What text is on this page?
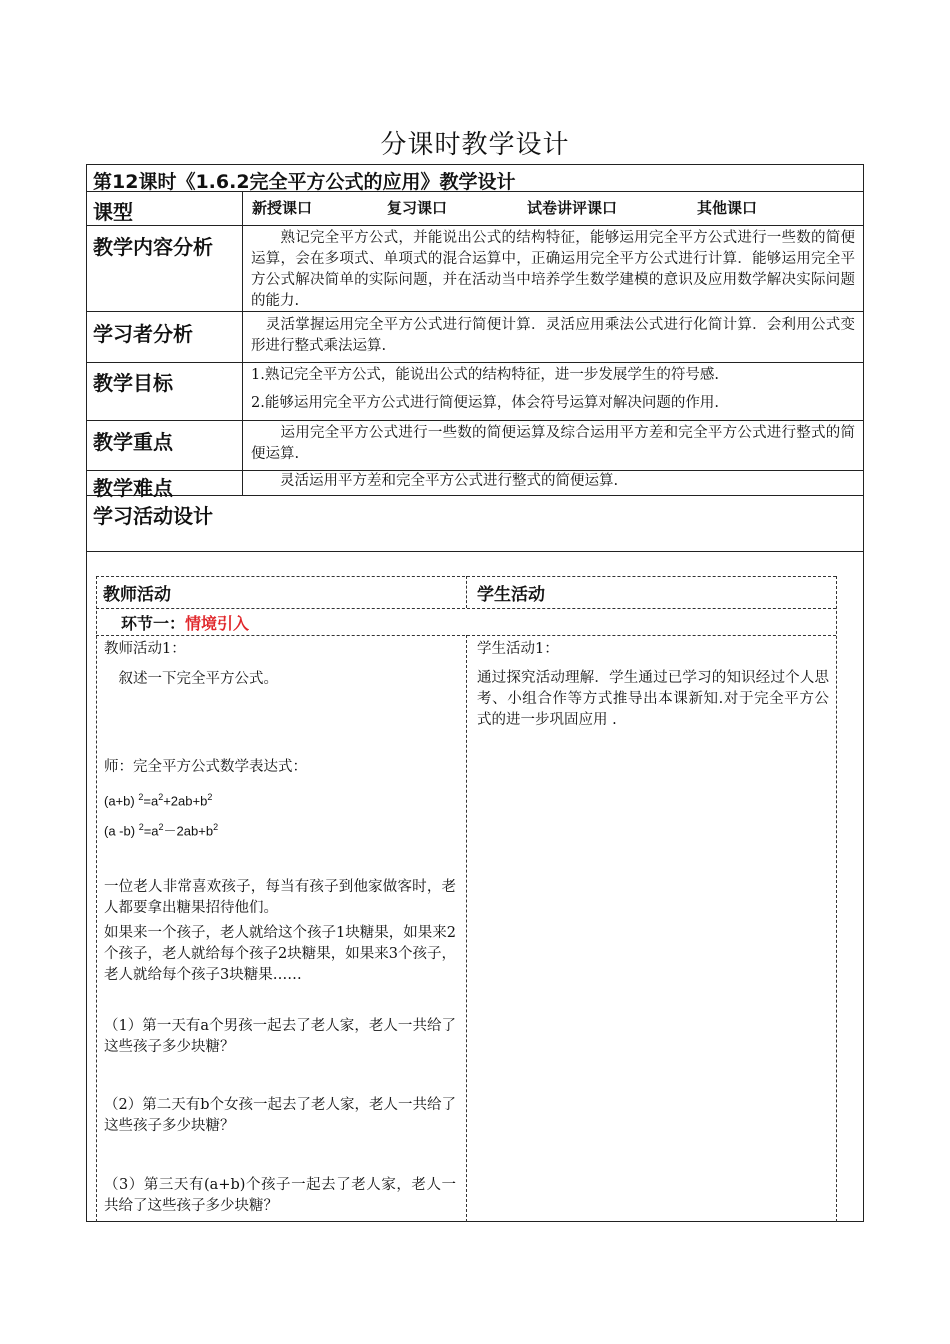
分课时教学设计
第12课时《1.6.2完全平方公式的应用》教学设计
课型	新授课口	复习课口	试卷讲评课口	其他课口
教学内容分析	　　熟记完全平方公式，并能说出公式的结构特征，能够运用完全平方公式进行一些数的简便运算，会在多项式、单项式的混合运算中，正确运用完全平方公式进行计算．能够运用完全平方公式解决简单的实际问题，并在活动当中培养学生数学建模的意识及应用数学解决实际问题的能力.
学习者分析	　灵活掌握运用完全平方公式进行简便计算．灵活应用乘法公式进行化简计算．会利用公式变形进行整式乘法运算.
教学目标	1.熟记完全平方公式，能说出公式的结构特征，进一步发展学生的符号感.
2.能够运用完全平方公式进行简便运算，体会符号运算对解决问题的作用.
教学重点	　　运用完全平方公式进行一些数的简便运算及综合运用平方差和完全平方公式进行整式的简便运算.
教学难点	　　灵活运用平方差和完全平方公式进行整式的简便运算.
学习活动设计
教师活动	学生活动
环节一：情境引入
教师活动1：
　叙述一下完全平方公式。
师：完全平方公式数学表达式：
(a+b) $^2=a^2+2ab+b^2$
(a -b) $^2=a^2-2ab+b^2$
一位老人非常喜欢孩子，每当有孩子到他家做客时，老人都要拿出糖果招待他们。
如果来一个孩子，老人就给这个孩子1块糖果，如果来2个孩子，老人就给每个孩子2块糖果，如果来3个孩子，老人就给每个孩子3块糖果……
（1）第一天有a个男孩一起去了老人家，老人一共给了这些孩子多少块糖？
（2）第二天有b个女孩一起去了老人家，老人一共给了这些孩子多少块糖？
（3）第三天有(a+b)个孩子一起去了老人家，老人一共给了这些孩子多少块糖？
学生活动1：
通过探究活动理解．学生通过已学习的知识经过个人思考、小组合作等方式推导出本课新知.对于完全平方公式的进一步巩固应用 .
